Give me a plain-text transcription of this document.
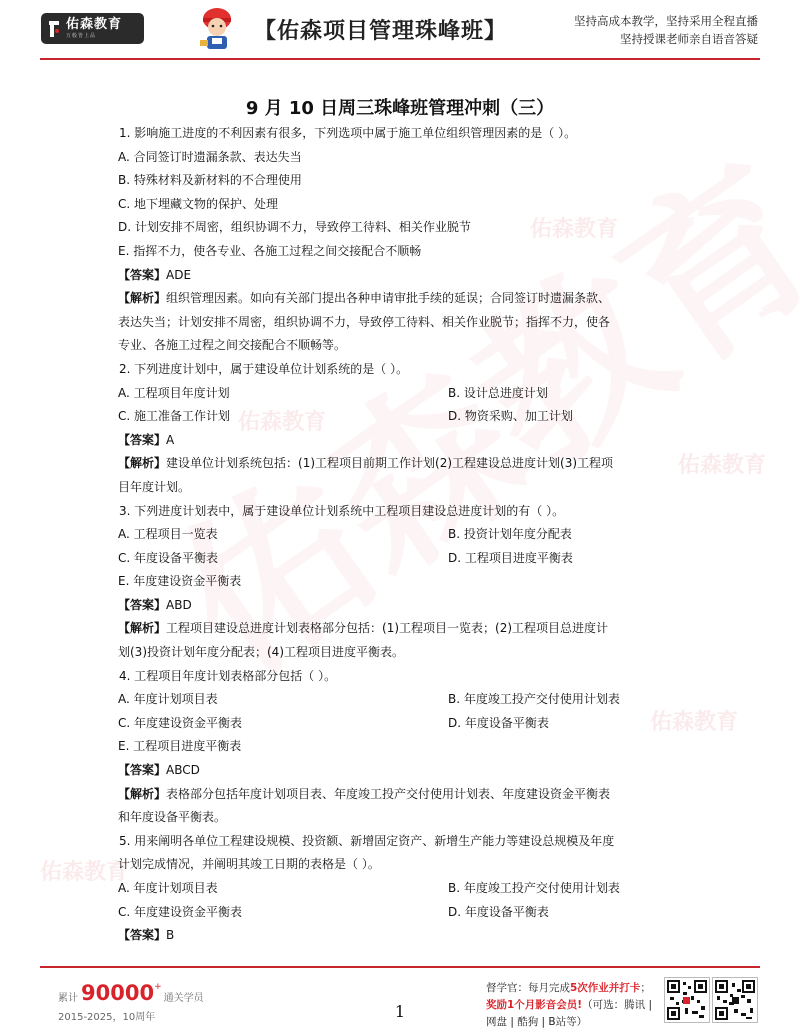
佑森教育
佑森教育
佑森教育
佑森教育
佑森教育
佑森教育
万般皆上品	【佑森项目管理珠峰班】	坚持高成本教学，坚持采用全程直播
坚持授课老师亲自语音答疑
9 月 10 日周三珠峰班管理冲刺（三）
1. 影响施工进度的不利因素有很多，下列选项中属于施工单位组织管理因素的是（ ）。
A. 合同签订时遗漏条款、表达失当
B. 特殊材料及新材料的不合理使用
C. 地下埋藏文物的保护、处理
D. 计划安排不周密，组织协调不力，导致停工待料、相关作业脱节
E. 指挥不力，使各专业、各施工过程之间交接配合不顺畅
【答案】ADE
【解析】组织管理因素。如向有关部门提出各种申请审批手续的延误；合同签订时遗漏条款、
表达失当；计划安排不周密，组织协调不力，导致停工待料、相关作业脱节；指挥不力，使各
专业、各施工过程之间交接配合不顺畅等。
2. 下列进度计划中，属于建设单位计划系统的是（ ）。
A. 工程项目年度计划	B. 设计总进度计划
C. 施工准备工作计划	D. 物资采购、加工计划
【答案】A
【解析】建设单位计划系统包括：(1)工程项目前期工作计划(2)工程建设总进度计划(3)工程项
目年度计划。
3. 下列进度计划表中，属于建设单位计划系统中工程项目建设总进度计划的有（ ）。
A. 工程项目一览表	B. 投资计划年度分配表
C. 年度设备平衡表	D. 工程项目进度平衡表
E. 年度建设资金平衡表
【答案】ABD
【解析】工程项目建设总进度计划表格部分包括：(1)工程项目一览表；(2)工程项目总进度计
划(3)投资计划年度分配表；(4)工程项目进度平衡表。
4. 工程项目年度计划表格部分包括（ ）。
A. 年度计划项目表	B. 年度竣工投产交付使用计划表
C. 年度建设资金平衡表	D. 年度设备平衡表
E. 工程项目进度平衡表
【答案】ABCD
【解析】表格部分包括年度计划项目表、年度竣工投产交付使用计划表、年度建设资金平衡表
和年度设备平衡表。
5. 用来阐明各单位工程建设规模、投资额、新增固定资产、新增生产能力等建设总规模及年度
计划完成情况，并阐明其竣工日期的表格是（ ）。
A. 年度计划项目表	B. 年度竣工投产交付使用计划表
C. 年度建设资金平衡表	D. 年度设备平衡表
【答案】B
累计 90000 +
通关学员
2015-2025，10周年	1
督学官：每月完成5次作业并打卡；
奖励1个月影音会员!（可选：腾讯 |
网盘 | 酷狗 | B站等）
